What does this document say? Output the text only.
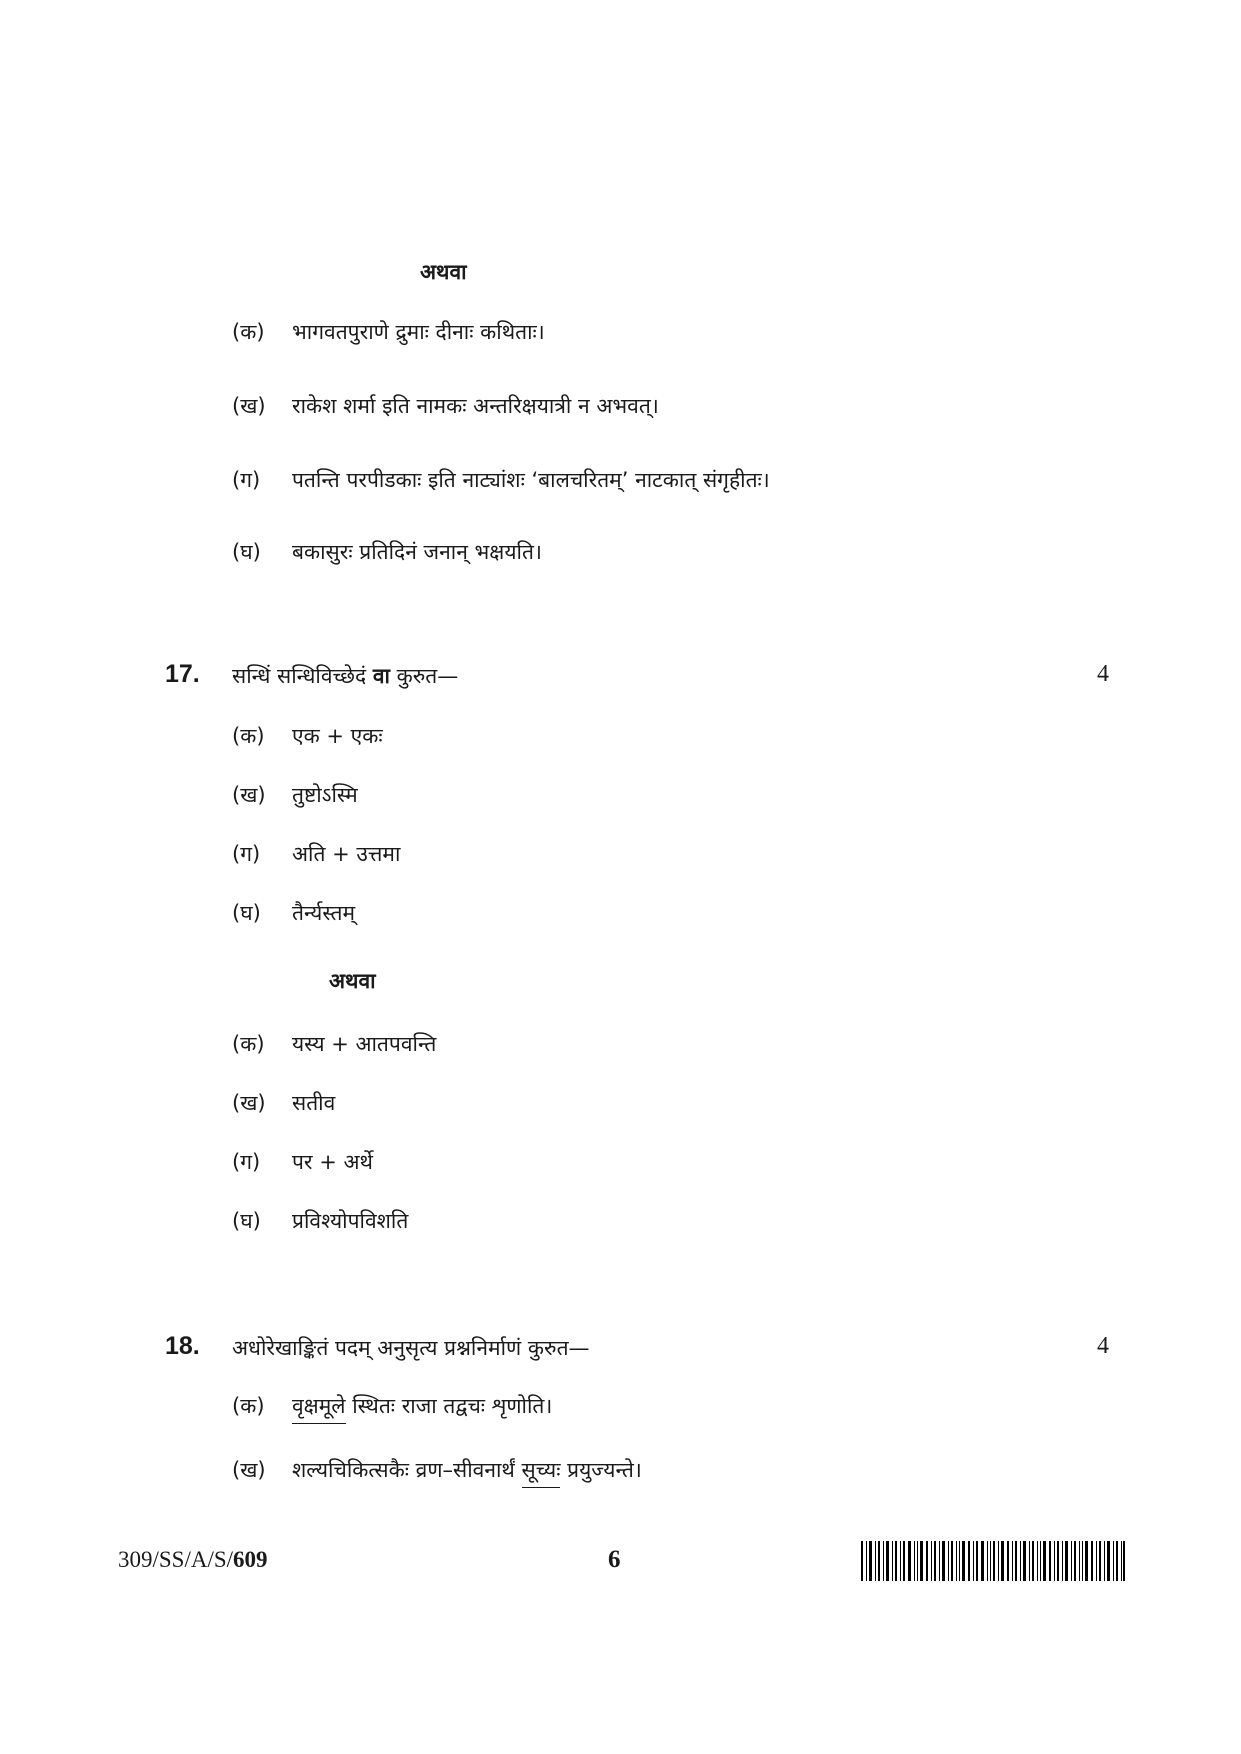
अथवा
(क) भागवतपुराणे द्रुमाः दीनाः कथिताः।
(ख) राकेश शर्मा इति नामकः अन्तरिक्षयात्री न अभवत्।
(ग) पतन्ति परपीडकाः इति नाट्यांशः ‘बालचरितम्’ नाटकात् संगृहीतः।
(घ) बकासुरः प्रतिदिनं जनान् भक्षयति।
17. सन्धिं सन्धिविच्छेदं वा कुरुत—	4
(क) एक + एकः
(ख) तुष्टोऽस्मि
(ग) अति + उत्तमा
(घ) तैर्न्यस्तम्
अथवा
(क) यस्य + आतपवन्ति
(ख) सतीव
(ग) पर + अर्थे
(घ) प्रविश्योपविशति
18. अधोरेखाङ्कितं पदम् अनुसृत्य प्रश्ननिर्माणं कुरुत—	4
(क) वृक्षमूले स्थितः राजा तद्वचः शृणोति।
(ख) शल्यचिकित्सकैः व्रण–सीवनार्थं सूच्यः प्रयुज्यन्ते।
309/SS/A/S/609	6
